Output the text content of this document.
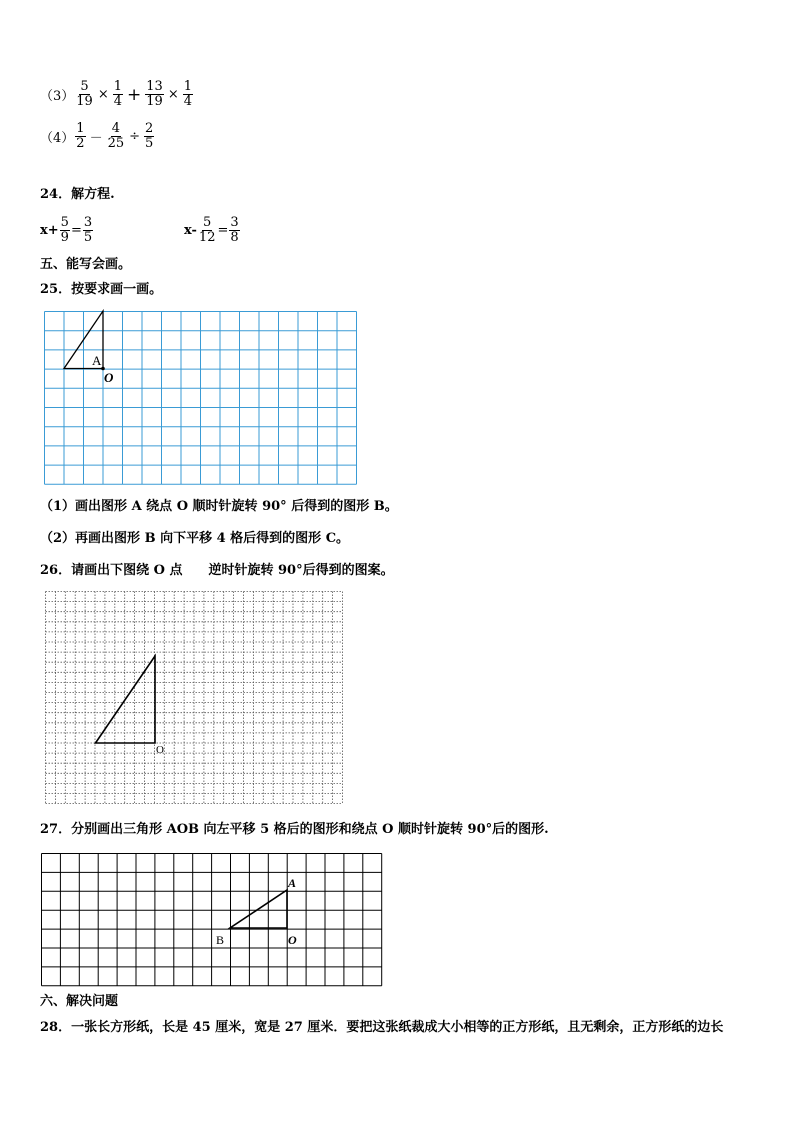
$(3) \frac{5}{19} \times \frac{1}{4} + \frac{13}{19} \times \frac{1}{4}$
$(4) \frac{1}{2} - \frac{4}{25} \div \frac{2}{5}$
24．解方程.
$x+ \frac{5}{9} = \frac{3}{5}$	$x- \frac{5}{12} = \frac{3}{8}$
五、能写会画。
25．按要求画一画。
A
O
（1）画出图形 A 绕点 O 顺时针旋转 90° 后得到的图形 B。
（2）再画出图形 B 向下平移 4 格后得到的图形 C。
26．请画出下图绕 O 点　　逆时针旋转 90°后得到的图案。
O
27．分别画出三角形 AOB 向左平移 5 格后的图形和绕点 O 顺时针旋转 90°后的图形.
A
B	O
六、解决问题
28．一张长方形纸，长是 45 厘米，宽是 27 厘米．要把这张纸裁成大小相等的正方形纸，且无剩余，正方形纸的边长
